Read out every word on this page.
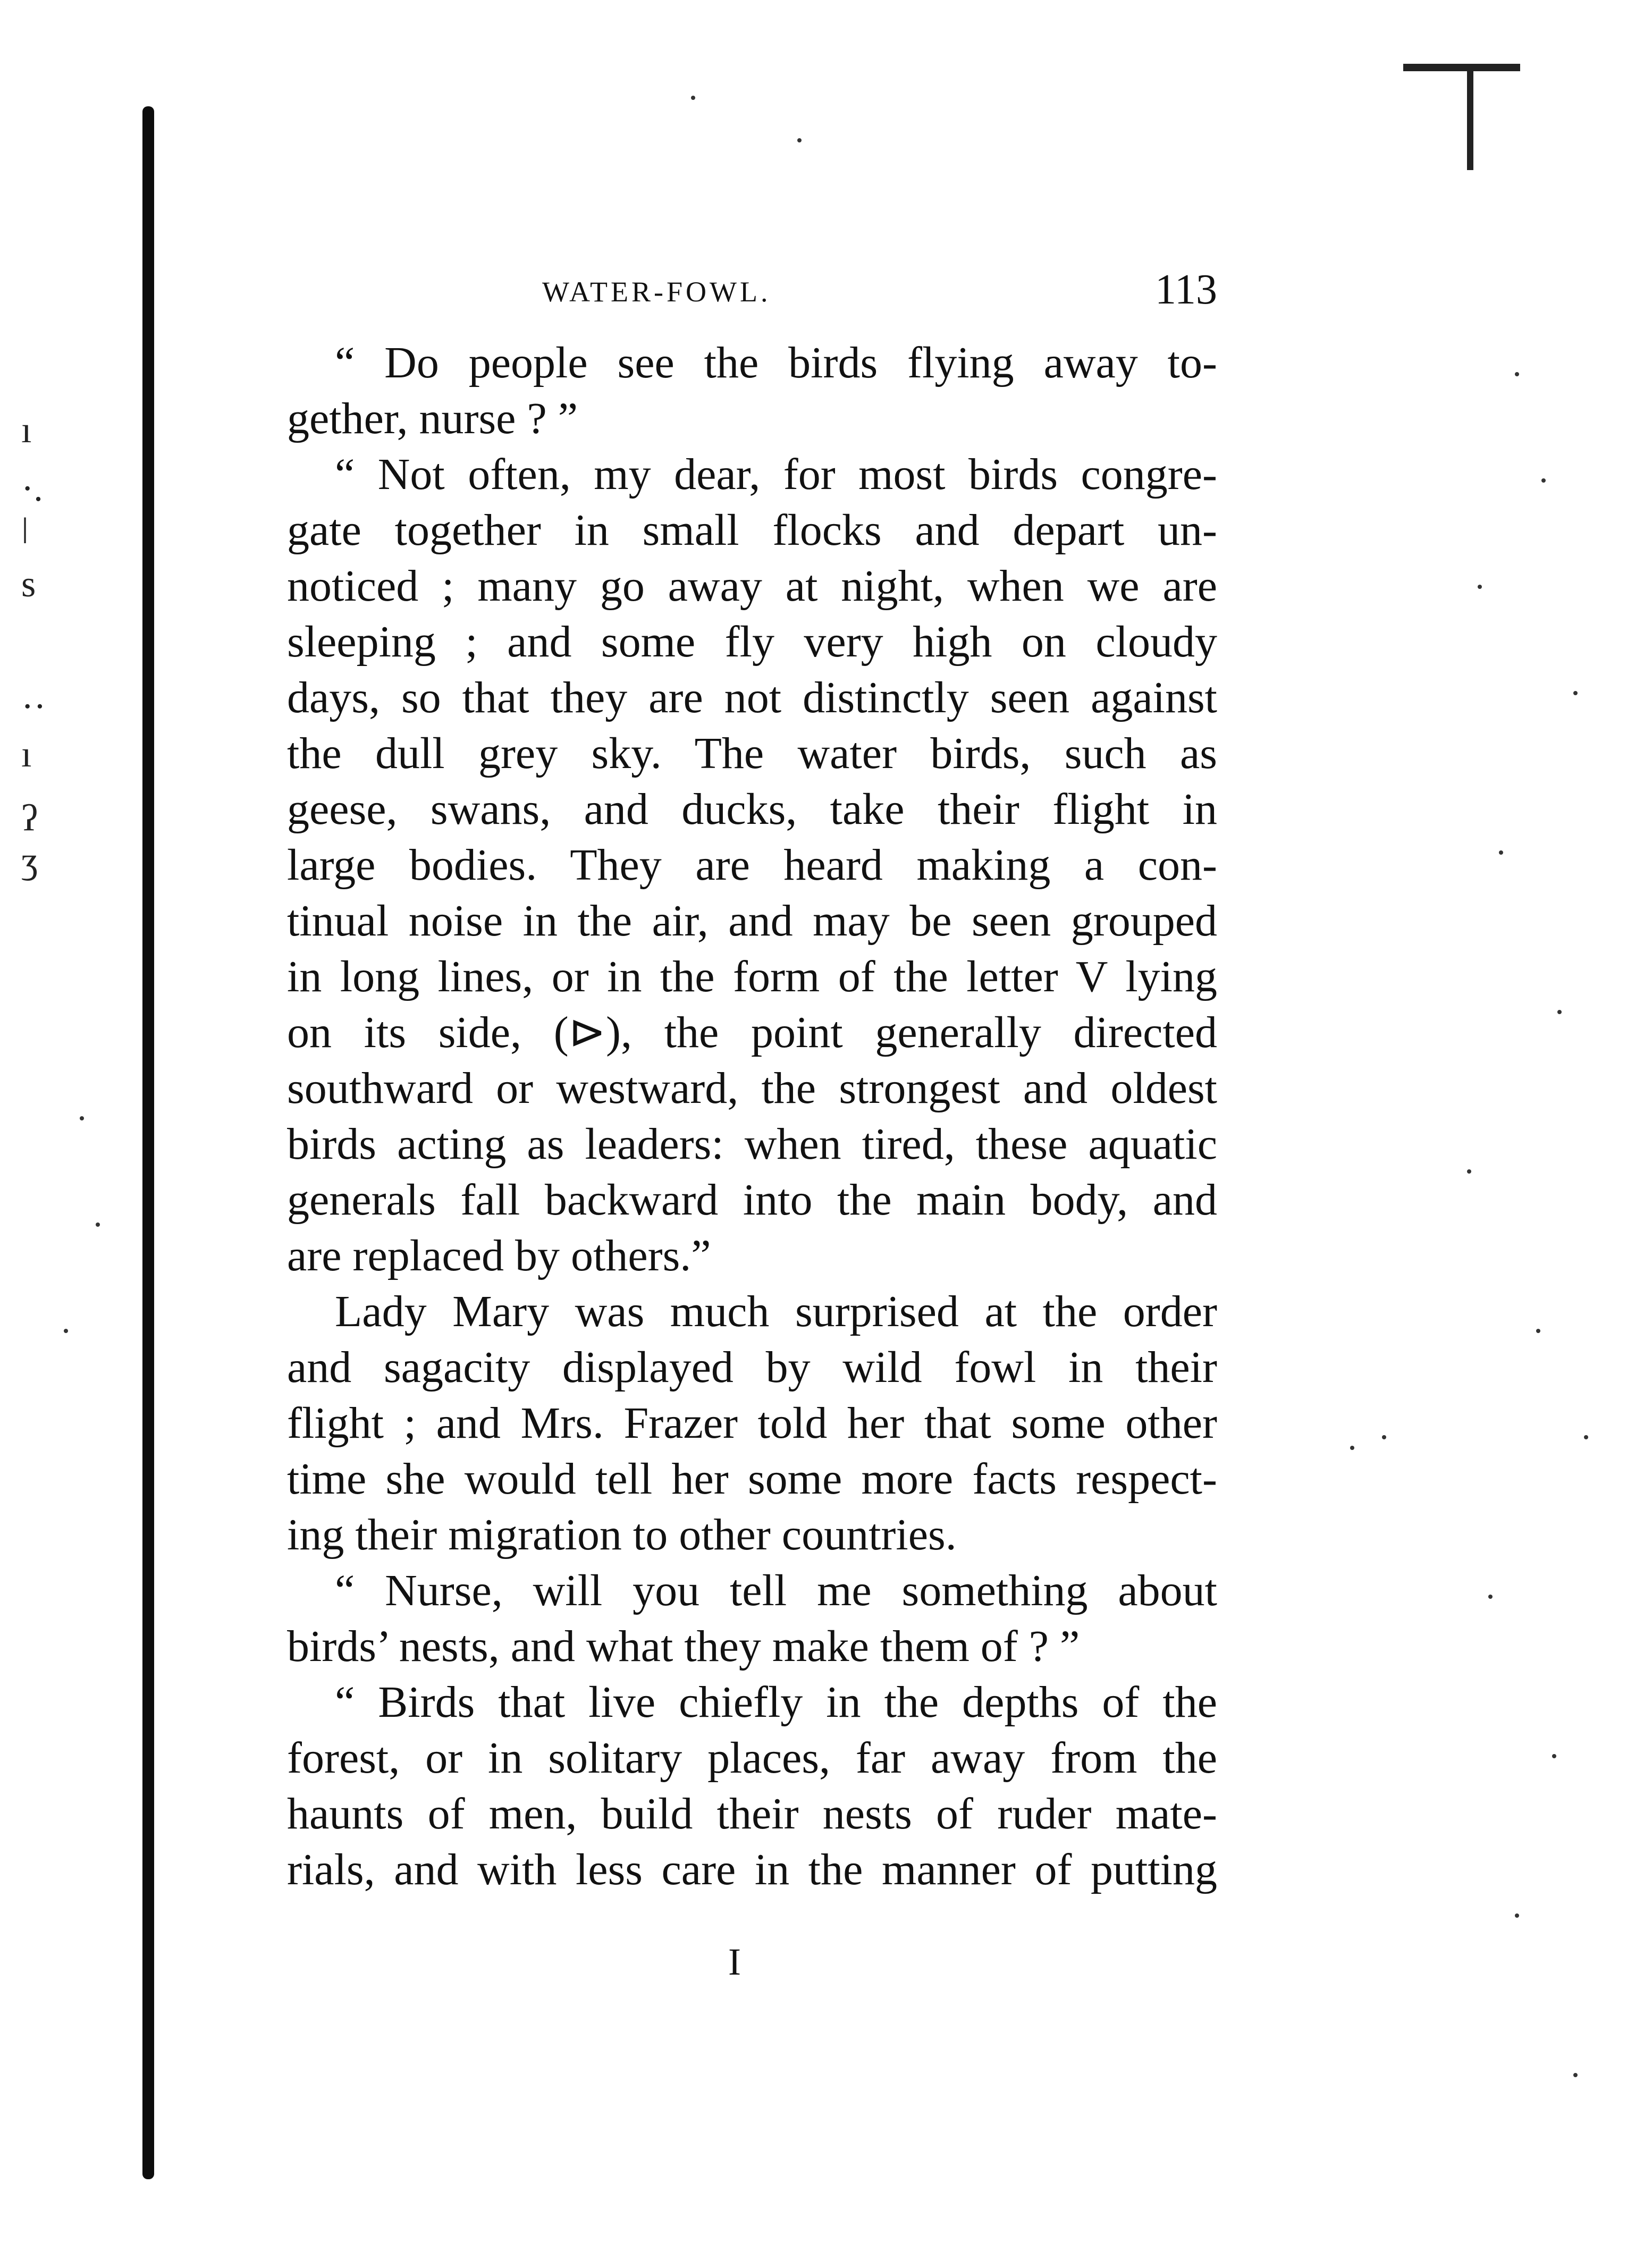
ı
·.
ǀ
s
··
ı
ʔ
ʒ
WATER-FOWL.	113
“ Do people see the birds flying away to-
gether, nurse ? ”
“ Not often, my dear, for most birds congre-
gate together in small flocks and depart un-
noticed ; many go away at night, when we are
sleeping ; and some fly very high on cloudy
days, so that they are not distinctly seen against
the dull grey sky. The water birds, such as
geese, swans, and ducks, take their flight in
large bodies. They are heard making a con-
tinual noise in the air, and may be seen grouped
in long lines, or in the form of the letter V lying
on its side, (⊳), the point generally directed
southward or westward, the strongest and oldest
birds acting as leaders: when tired, these aquatic
generals fall backward into the main body, and
are replaced by others.”
Lady Mary was much surprised at the order
and sagacity displayed by wild fowl in their
flight ; and Mrs. Frazer told her that some other
time she would tell her some more facts respect-
ing their migration to other countries.
“ Nurse, will you tell me something about
birds’ nests, and what they make them of ? ”
“ Birds that live chiefly in the depths of the
forest, or in solitary places, far away from the
haunts of men, build their nests of ruder mate-
rials, and with less care in the manner of putting
I
